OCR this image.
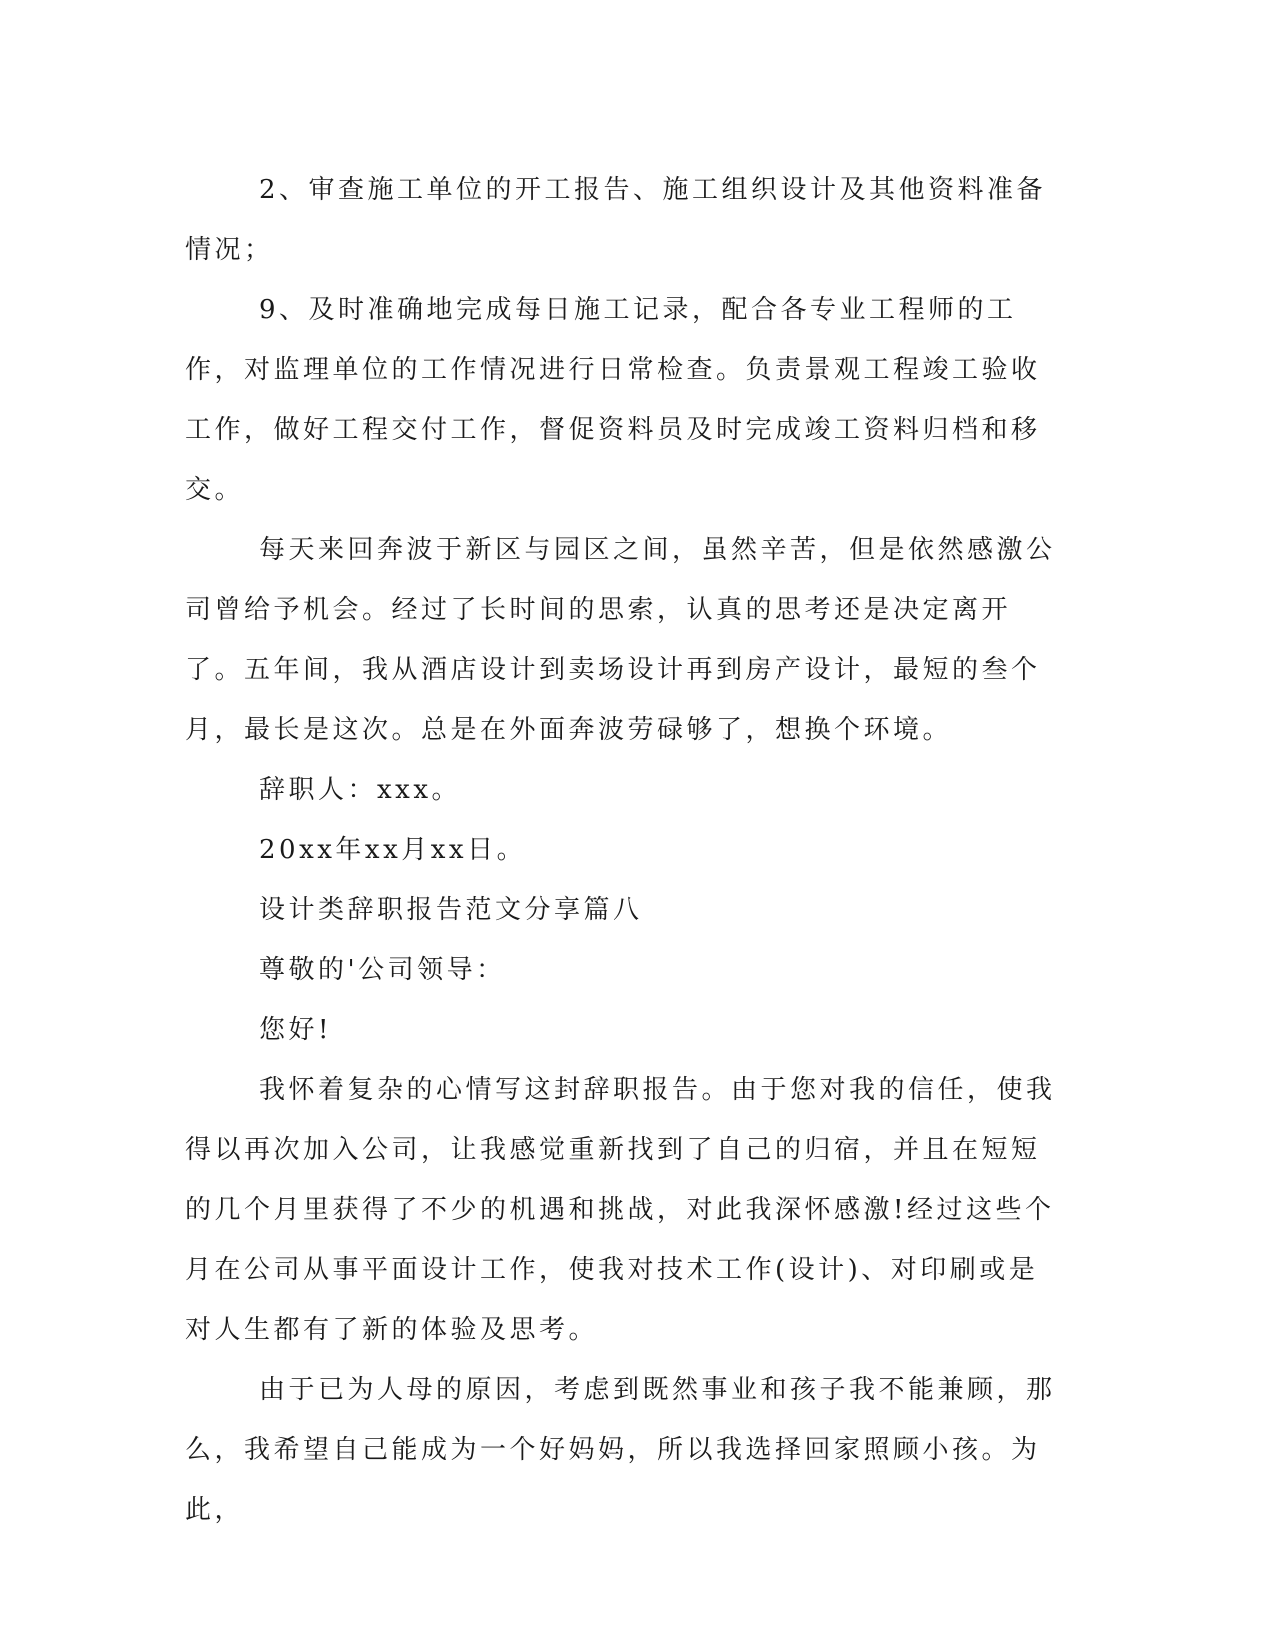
2、审查施工单位的开工报告、施工组织设计及其他资料准备情况；

9、及时准确地完成每日施工记录，配合各专业工程师的工作，对监理单位的工作情况进行日常检查。负责景观工程竣工验收工作，做好工程交付工作，督促资料员及时完成竣工资料归档和移交。

每天来回奔波于新区与园区之间，虽然辛苦，但是依然感激公司曾给予机会。经过了长时间的思索，认真的思考还是决定离开了。五年间，我从酒店设计到卖场设计再到房产设计，最短的叁个月，最长是这次。总是在外面奔波劳碌够了，想换个环境。

辞职人：xxx。

20xx年xx月xx日。

设计类辞职报告范文分享篇八

尊敬的'公司领导：

您好!

我怀着复杂的心情写这封辞职报告。由于您对我的信任，使我得以再次加入公司，让我感觉重新找到了自己的归宿，并且在短短的几个月里获得了不少的机遇和挑战，对此我深怀感激!经过这些个月在公司从事平面设计工作，使我对技术工作(设计)、对印刷或是对人生都有了新的体验及思考。

由于已为人母的原因，考虑到既然事业和孩子我不能兼顾，那么，我希望自己能成为一个好妈妈，所以我选择回家照顾小孩。为此，
